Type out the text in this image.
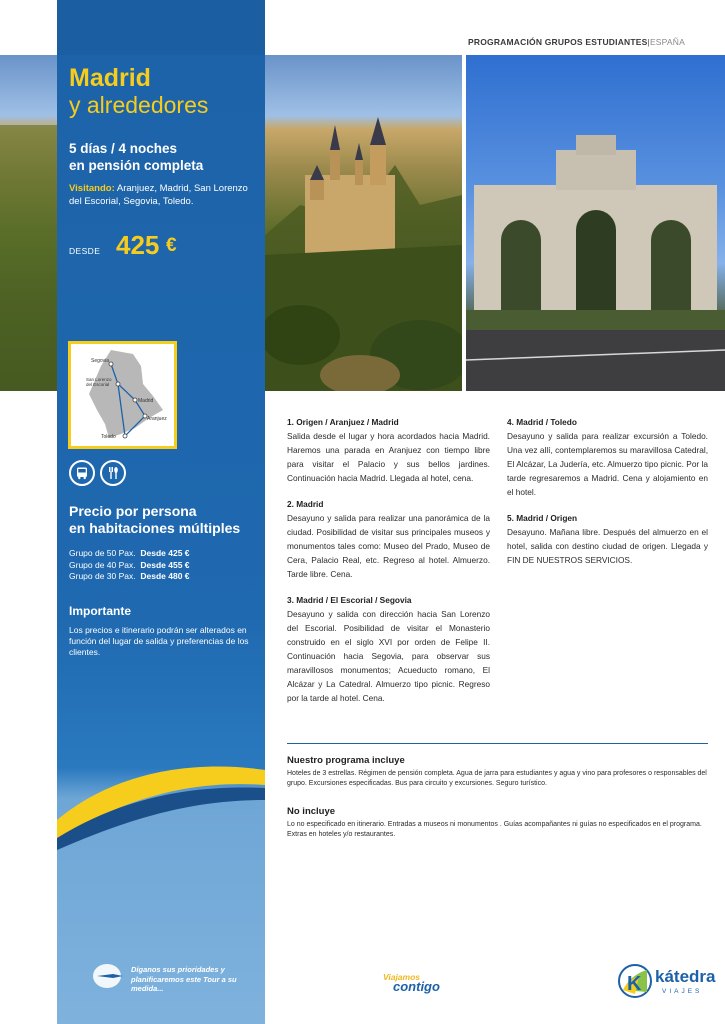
PROGRAMACIÓN GRUPOS ESTUDIANTES|ESPAÑA
Madrid
y alrededores
5 días / 4 noches
en pensión completa
Visitando: Aranjuez, Madrid, San Lorenzo del Escorial, Segovia, Toledo.
DESDE 425 €
Segovia
San Lorenzo
del Escorial
Madrid
Aranjuez
Toledo
Precio por persona
en habitaciones múltiples
Grupo de 50 Pax. Desde 425 €
Grupo de 40 Pax. Desde 455 €
Grupo de 30 Pax. Desde 480 €
Importante
Los precios e itinerario podrán ser alterados en función del lugar de salida y preferencias de los clientes.
Díganos sus prioridades y planificaremos este Tour a su medida...
1. Origen / Aranjuez / Madrid
Salida desde el lugar y hora acordados hacia Madrid. Haremos una parada en Aranjuez con tiempo libre para visitar el Palacio y sus bellos jardines. Continuación hacia Madrid. Llegada al hotel, cena.
2. Madrid
Desayuno y salida para realizar una panorámica de la ciudad. Posibilidad de visitar sus principales museos y monumentos tales como: Museo del Prado, Museo de Cera, Palacio Real, etc. Regreso al hotel. Almuerzo. Tarde libre. Cena.
3. Madrid / El Escorial / Segovia
Desayuno y salida con dirección hacia San Lorenzo del Escorial. Posibilidad de visitar el Monasterio construido en el siglo XVI por orden de Felipe II. Continuación hacia Segovia, para observar sus maravillosos monumentos; Acueducto romano, El Alcázar y La Catedral. Almuerzo tipo picnic. Regreso por la tarde al hotel. Cena.
4. Madrid / Toledo
Desayuno y salida para realizar excursión a Toledo. Una vez allí, contemplaremos su maravillosa Catedral, El Alcázar, La Judería, etc. Almuerzo tipo picnic. Por la tarde regresaremos a Madrid. Cena y alojamiento en el hotel.
5. Madrid / Origen
Desayuno. Mañana libre. Después del almuerzo en el hotel, salida con destino ciudad de origen. Llegada y FIN DE NUESTROS SERVICIOS.
Nuestro programa incluye
Hoteles de 3 estrellas. Régimen de pensión completa. Agua de jarra para estudiantes y agua y vino para profesores o responsables del grupo. Excursiones especificadas. Bus para circuito y excursiones. Seguro turístico.
No incluye
Lo no especificado en itinerario. Entradas a museos ni monumentos . Guías acompañantes ni guías no especificados en el programa. Extras en hoteles y/o restaurantes.
Viajamos
contigo	K kátedra
VIAJES
